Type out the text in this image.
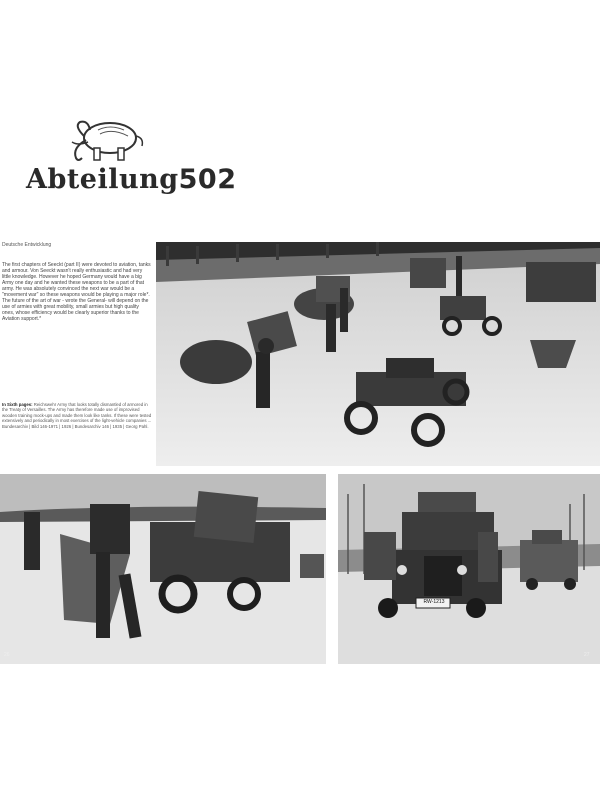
Abteilung502
Deutsche Entwicklung
The first chapters of Seeckt (part II) were devoted to aviation, tanks and armour. Von Seeckt wasn't really enthusiastic and had very little knowledge. However he hoped Germany would have a big Army one day and he wanted these weapons to be a part of that army. He was absolutely convinced the next war would be a "movement war" so these weapons would be playing a major role*. The future of the art of war - wrote the General- will depend on the use of armies with great mobility, small armies but high quality ones, whose efficiency would be clearly superior thanks to the Aviation support.*
In Sixth pages: Reichswehr Army that looks totally dismantled of armored in the Treaty of Versailles. The Army has therefore made use of improvised wooden training mock-ups and made them look like tanks. If these were tested extensively and periodically in most exercises of the light-vehicle companies ... Bundesarchiv | Bild 146-1971 | 1926 | Bundesarchiv 146 | 1935 | Georg Pahl.
RW-1213
26	27
